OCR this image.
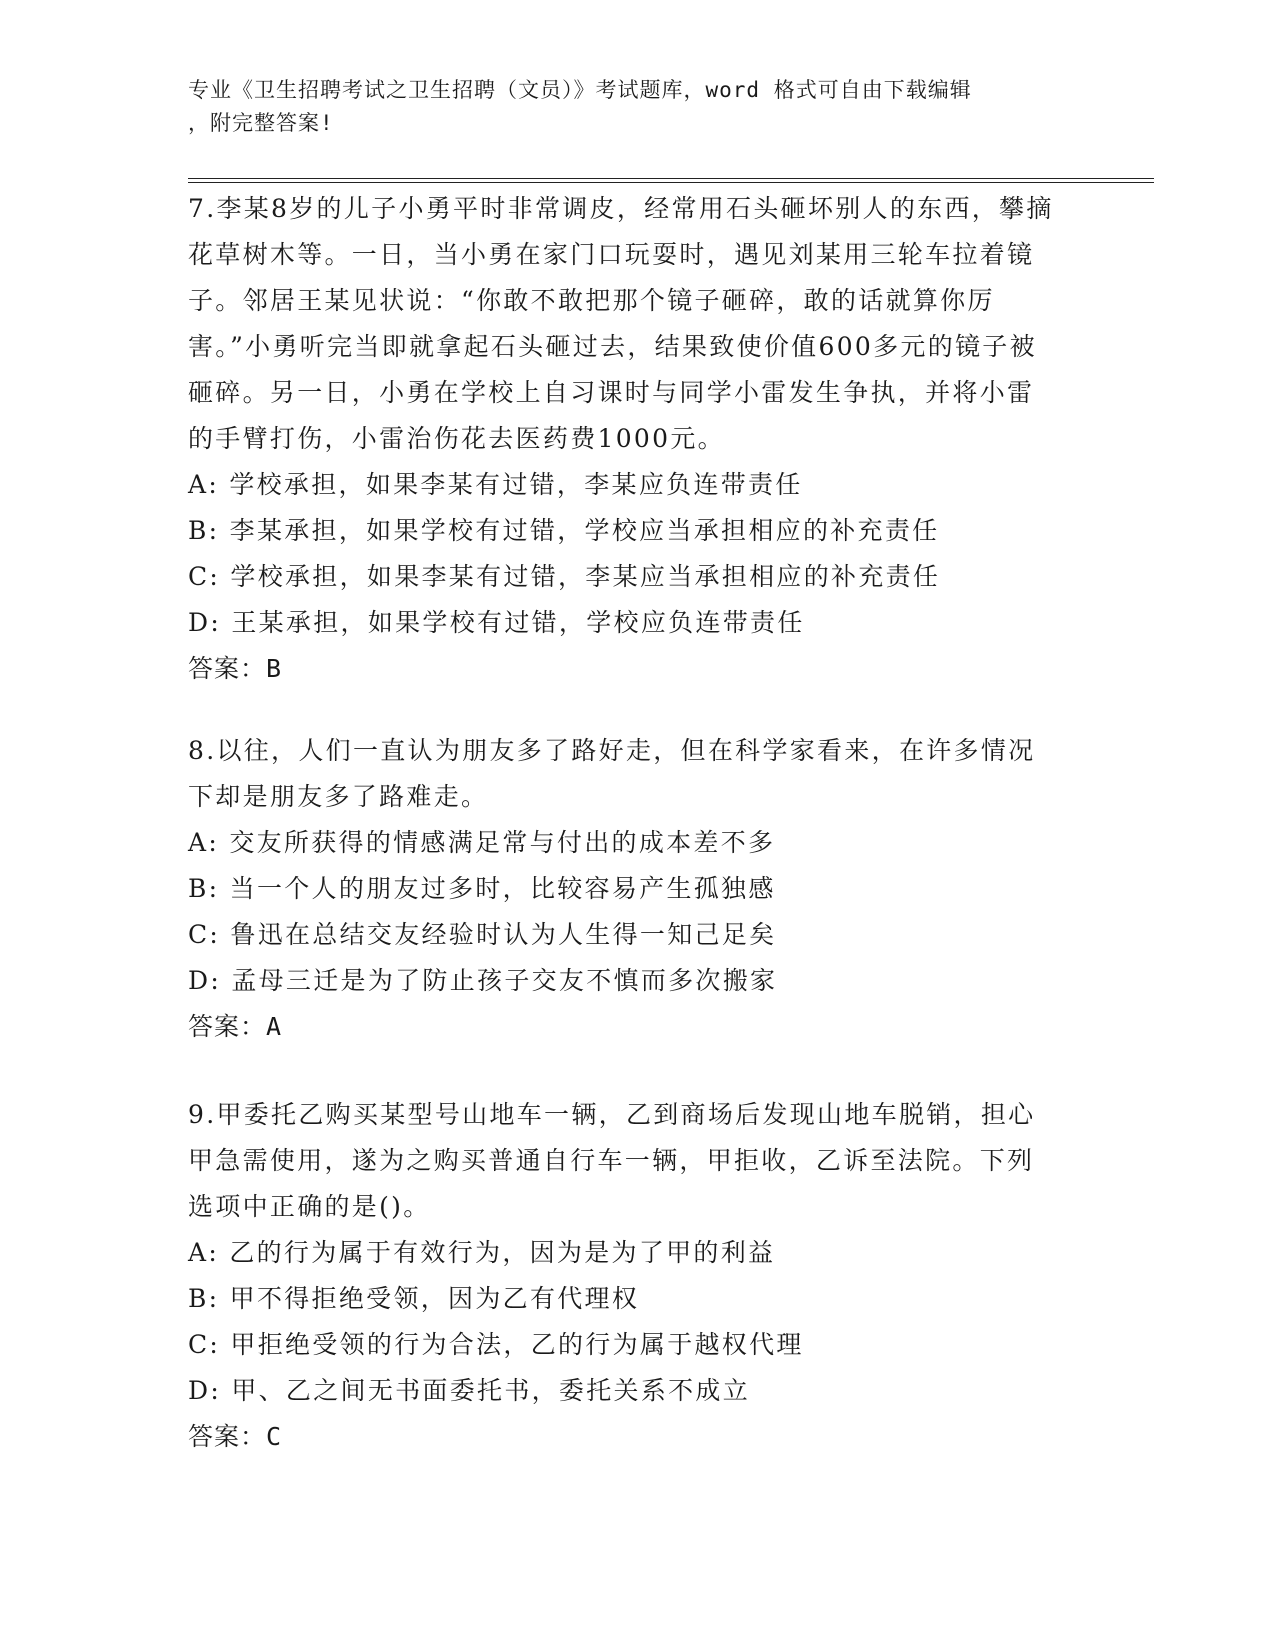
专业《卫生招聘考试之卫生招聘（文员）》考试题库，word 格式可自由下载编辑
，附完整答案!

7.李某8岁的儿子小勇平时非常调皮，经常用石头砸坏别人的东西，攀摘花草树木等。一日，当小勇在家门口玩耍时，遇见刘某用三轮车拉着镜子。邻居王某见状说：“你敢不敢把那个镜子砸碎，敢的话就算你厉害。”小勇听完当即就拿起石头砸过去，结果致使价值600多元的镜子被砸碎。另一日，小勇在学校上自习课时与同学小雷发生争执，并将小雷的手臂打伤，小雷治伤花去医药费1000元。

A: 学校承担，如果李某有过错，李某应负连带责任

B: 李某承担，如果学校有过错，学校应当承担相应的补充责任

C: 学校承担，如果李某有过错，李某应当承担相应的补充责任

D: 王某承担，如果学校有过错，学校应负连带责任

答案：B

8.以往，人们一直认为朋友多了路好走，但在科学家看来，在许多情况下却是朋友多了路难走。

A: 交友所获得的情感满足常与付出的成本差不多

B: 当一个人的朋友过多时，比较容易产生孤独感

C: 鲁迅在总结交友经验时认为人生得一知己足矣

D: 孟母三迁是为了防止孩子交友不慎而多次搬家

答案：A

9.甲委托乙购买某型号山地车一辆，乙到商场后发现山地车脱销，担心甲急需使用，遂为之购买普通自行车一辆，甲拒收，乙诉至法院。下列选项中正确的是()。

A: 乙的行为属于有效行为，因为是为了甲的利益

B: 甲不得拒绝受领，因为乙有代理权

C: 甲拒绝受领的行为合法，乙的行为属于越权代理

D: 甲、乙之间无书面委托书，委托关系不成立

答案：C
